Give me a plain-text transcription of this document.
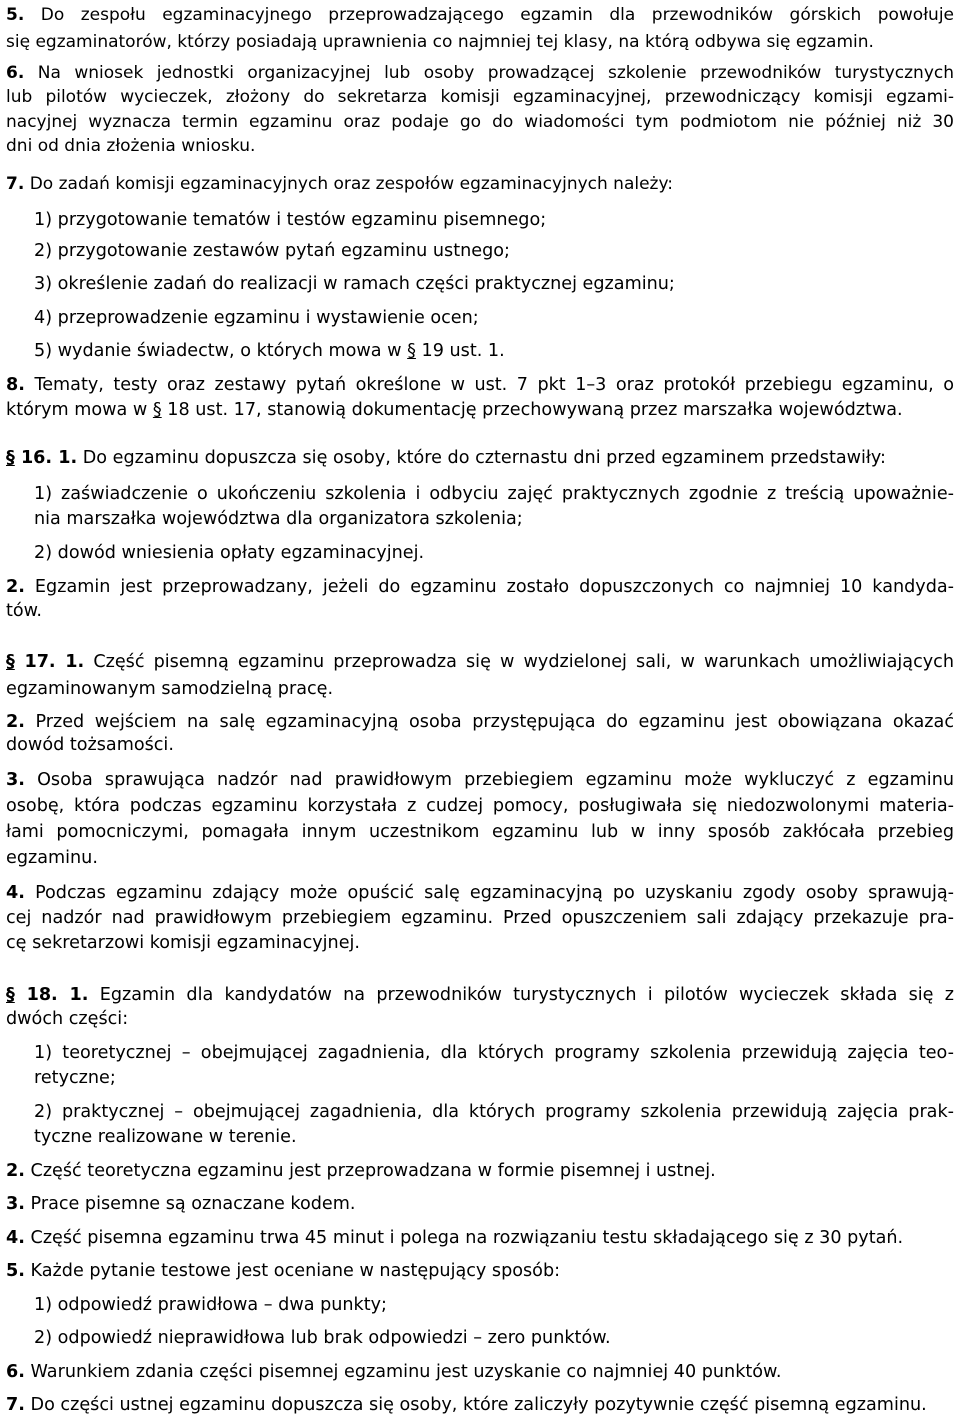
5. Do zespołu egzaminacyjnego przeprowadzającego egzamin dla przewodników górskich powołuje
się egzaminatorów, którzy posiadają uprawnienia co najmniej tej klasy, na którą odbywa się egzamin.
6. Na wniosek jednostki organizacyjnej lub osoby prowadzącej szkolenie przewodników turystycznych
lub pilotów wycieczek, złożony do sekretarza komisji egzaminacyjnej, przewodniczący komisji egzami-
nacyjnej wyznacza termin egzaminu oraz podaje go do wiadomości tym podmiotom nie później niż 30
dni od dnia złożenia wniosku.
7. Do zadań komisji egzaminacyjnych oraz zespołów egzaminacyjnych należy:
1) przygotowanie tematów i testów egzaminu pisemnego;
2) przygotowanie zestawów pytań egzaminu ustnego;
3) określenie zadań do realizacji w ramach części praktycznej egzaminu;
4) przeprowadzenie egzaminu i wystawienie ocen;
5) wydanie świadectw, o których mowa w § 19 ust. 1.
8. Tematy, testy oraz zestawy pytań określone w ust. 7 pkt 1–3 oraz protokół przebiegu egzaminu, o
którym mowa w § 18 ust. 17, stanowią dokumentację przechowywaną przez marszałka województwa.
§ 16. 1. Do egzaminu dopuszcza się osoby, które do czternastu dni przed egzaminem przedstawiły:
1) zaświadczenie o ukończeniu szkolenia i odbyciu zajęć praktycznych zgodnie z treścią upoważnie-
nia marszałka województwa dla organizatora szkolenia;
2) dowód wniesienia opłaty egzaminacyjnej.
2. Egzamin jest przeprowadzany, jeżeli do egzaminu zostało dopuszczonych co najmniej 10 kandyda-
tów.
§ 17. 1. Część pisemną egzaminu przeprowadza się w wydzielonej sali, w warunkach umożliwiających
egzaminowanym samodzielną pracę.
2. Przed wejściem na salę egzaminacyjną osoba przystępująca do egzaminu jest obowiązana okazać
dowód tożsamości.
3. Osoba sprawująca nadzór nad prawidłowym przebiegiem egzaminu może wykluczyć z egzaminu
osobę, która podczas egzaminu korzystała z cudzej pomocy, posługiwała się niedozwolonymi materia-
łami pomocniczymi, pomagała innym uczestnikom egzaminu lub w inny sposób zakłócała przebieg
egzaminu.
4. Podczas egzaminu zdający może opuścić salę egzaminacyjną po uzyskaniu zgody osoby sprawują-
cej nadzór nad prawidłowym przebiegiem egzaminu. Przed opuszczeniem sali zdający przekazuje pra-
cę sekretarzowi komisji egzaminacyjnej.
§ 18. 1. Egzamin dla kandydatów na przewodników turystycznych i pilotów wycieczek składa się z
dwóch części:
1) teoretycznej – obejmującej zagadnienia, dla których programy szkolenia przewidują zajęcia teo-
retyczne;
2) praktycznej – obejmującej zagadnienia, dla których programy szkolenia przewidują zajęcia prak-
tyczne realizowane w terenie.
2. Część teoretyczna egzaminu jest przeprowadzana w formie pisemnej i ustnej.
3. Prace pisemne są oznaczane kodem.
4. Część pisemna egzaminu trwa 45 minut i polega na rozwiązaniu testu składającego się z 30 pytań.
5. Każde pytanie testowe jest oceniane w następujący sposób:
1) odpowiedź prawidłowa – dwa punkty;
2) odpowiedź nieprawidłowa lub brak odpowiedzi – zero punktów.
6. Warunkiem zdania części pisemnej egzaminu jest uzyskanie co najmniej 40 punktów.
7. Do części ustnej egzaminu dopuszcza się osoby, które zaliczyły pozytywnie część pisemną egzaminu.
